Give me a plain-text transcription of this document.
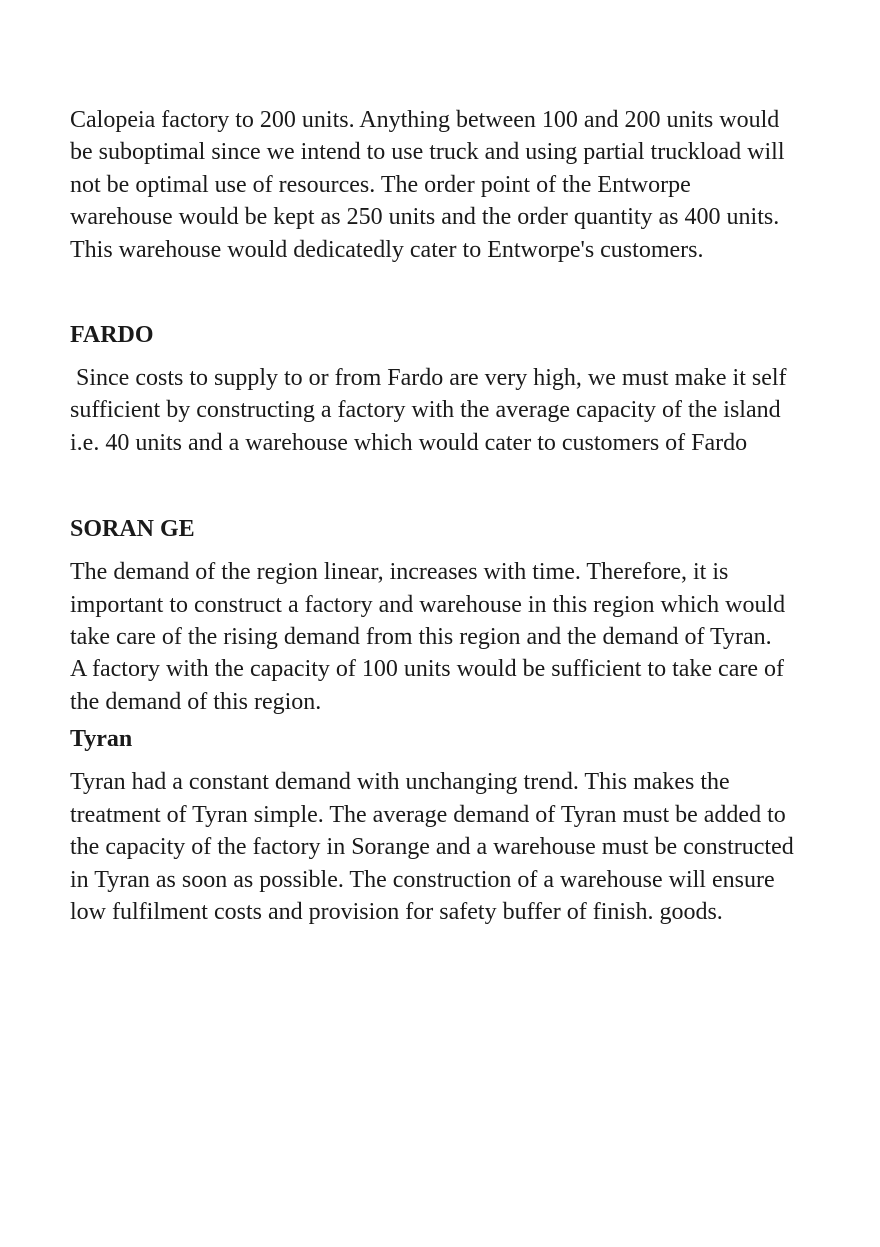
Calopeia factory to 200 units. Anything between 100 and 200 units would
be suboptimal since we intend to use truck and using partial truckload will
not be optimal use of resources. The order point of the Entworpe
warehouse would be kept as 250 units and the order quantity as 400 units.
This warehouse would dedicatedly cater to Entworpe's customers.

FARDO

Since costs to supply to or from Fardo are very high, we must make it self
sufficient by constructing a factory with the average capacity of the island
i.e. 40 units and a warehouse which would cater to customers of Fardo

SORAN GE

The demand of the region linear, increases with time. Therefore, it is
important to construct a factory and warehouse in this region which would
take care of the rising demand from this region and the demand of Tyran.
A factory with the capacity of 100 units would be sufficient to take care of
the demand of this region.

Tyran

Tyran had a constant demand with unchanging trend. This makes the
treatment of Tyran simple. The average demand of Tyran must be added to
the capacity of the factory in Sorange and a warehouse must be constructed
in Tyran as soon as possible. The construction of a warehouse will ensure
low fulfilment costs and provision for safety buffer of finish. goods.
